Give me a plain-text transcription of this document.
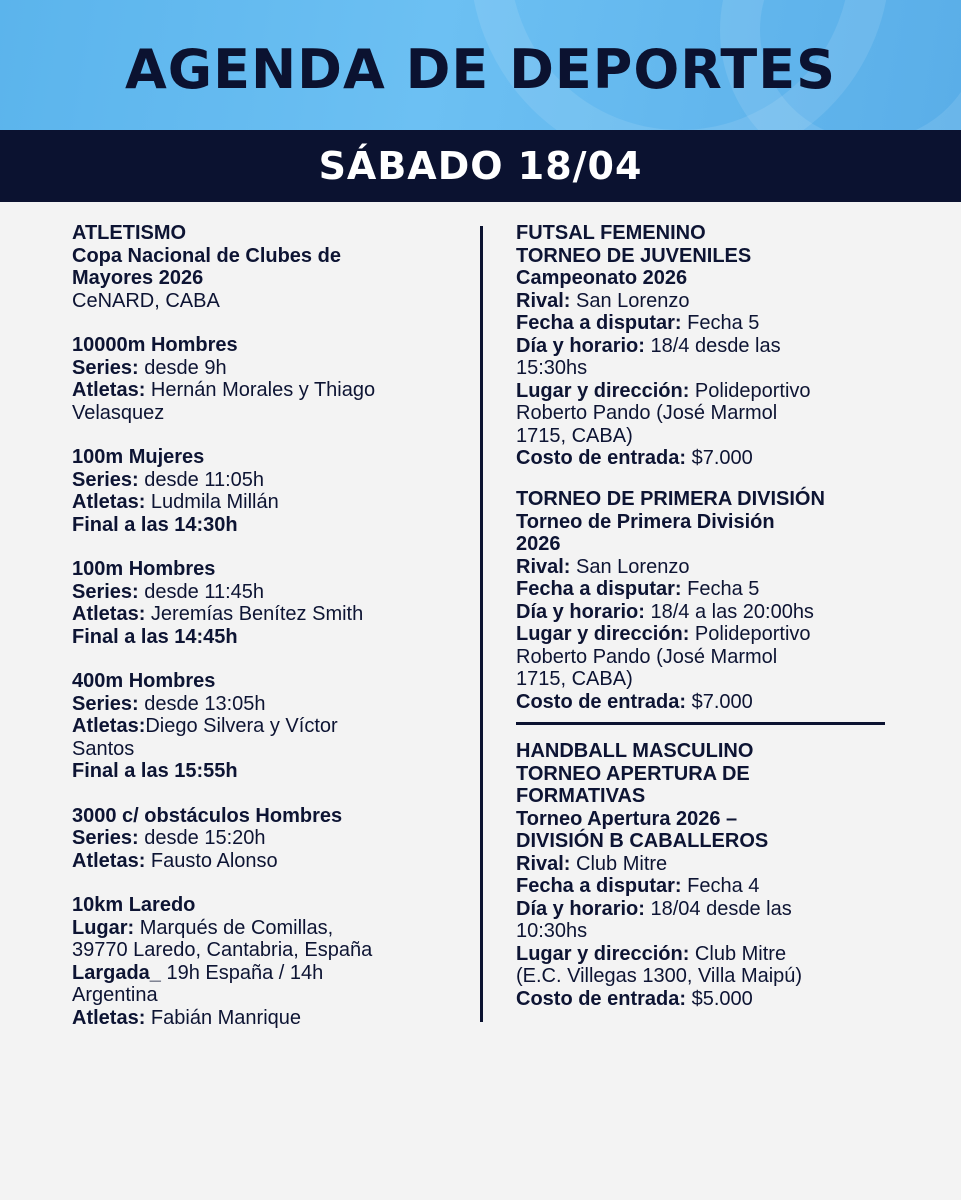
AGENDA DE DEPORTES
SÁBADO 18/04
ATLETISMO
Copa Nacional de Clubes de
Mayores 2026
CeNARD, CABA
10000m Hombres
Series: desde 9h
Atletas: Hernán Morales y Thiago
Velasquez
100m Mujeres
Series: desde 11:05h
Atletas: Ludmila Millán
Final a las 14:30h
100m Hombres
Series: desde 11:45h
Atletas: Jeremías Benítez Smith
Final a las 14:45h
400m Hombres
Series: desde 13:05h
Atletas:Diego Silvera y Víctor
Santos
Final a las 15:55h
3000 c/ obstáculos Hombres
Series: desde 15:20h
Atletas: Fausto Alonso
10km Laredo
Lugar: Marqués de Comillas,
39770 Laredo, Cantabria, España
Largada_ 19h España / 14h
Argentina
Atletas: Fabián Manrique
FUTSAL FEMENINO
TORNEO DE JUVENILES
Campeonato 2026
Rival: San Lorenzo
Fecha a disputar: Fecha 5
Día y horario: 18/4 desde las
15:30hs
Lugar y dirección: Polideportivo
Roberto Pando (José Marmol
1715, CABA)
Costo de entrada: $7.000
TORNEO DE PRIMERA DIVISIÓN
Torneo de Primera División
2026
Rival: San Lorenzo
Fecha a disputar: Fecha 5
Día y horario: 18/4 a las 20:00hs
Lugar y dirección: Polideportivo
Roberto Pando (José Marmol
1715, CABA)
Costo de entrada: $7.000
HANDBALL MASCULINO
TORNEO APERTURA DE
FORMATIVAS
Torneo Apertura 2026 –
DIVISIÓN B CABALLEROS
Rival: Club Mitre
Fecha a disputar: Fecha 4
Día y horario: 18/04 desde las
10:30hs
Lugar y dirección: Club Mitre
(E.C. Villegas 1300, Villa Maipú)
Costo de entrada: $5.000
